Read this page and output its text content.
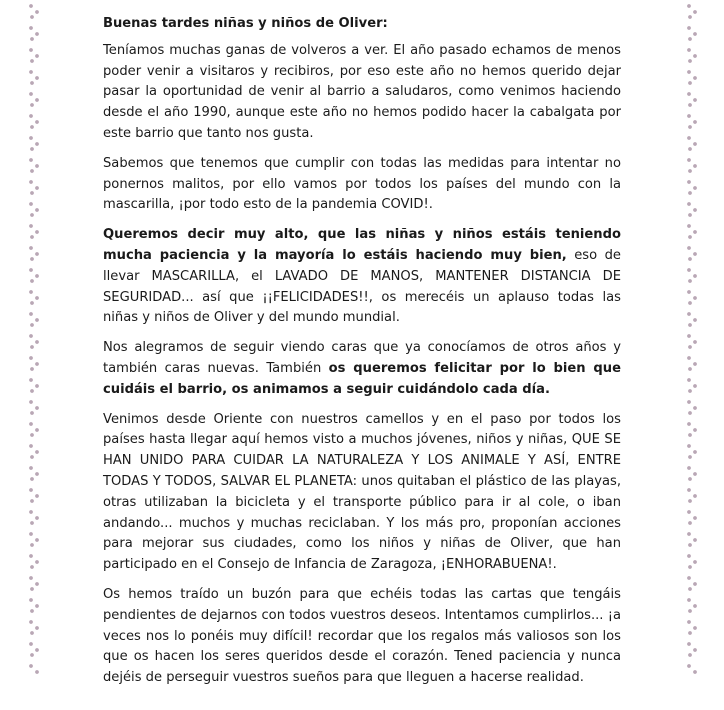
Buenas tardes niñas y niños de Oliver:

Teníamos muchas ganas de volveros a ver. El año pasado echamos de menos poder venir a visitaros y recibiros, por eso este año no hemos querido dejar pasar la oportunidad de venir al barrio a saludaros, como venimos haciendo desde el año 1990, aunque este año no hemos podido hacer la cabalgata por este barrio que tanto nos gusta.

Sabemos que tenemos que cumplir con todas las medidas para intentar no ponernos malitos, por ello vamos por todos los países del mundo con la mascarilla, ¡por todo esto de la pandemia COVID!.

Queremos decir muy alto, que las niñas y niños estáis teniendo mucha paciencia y la mayoría lo estáis haciendo muy bien, eso de llevar MASCARILLA, el LAVADO DE MANOS, MANTENER DISTANCIA DE SEGURIDAD... así que ¡¡FELICIDADES!!, os merecéis un aplauso todas las niñas y niños de Oliver y del mundo mundial.

Nos alegramos de seguir viendo caras que ya conocíamos de otros años y también caras nuevas. También os queremos felicitar por lo bien que cuidáis el barrio, os animamos a seguir cuidándolo cada día.

Venimos desde Oriente con nuestros camellos y en el paso por todos los países hasta llegar aquí hemos visto a muchos jóvenes, niños y niñas, QUE SE HAN UNIDO PARA CUIDAR LA NATURALEZA Y LOS ANIMALE Y ASÍ, ENTRE TODAS Y TODOS, SALVAR EL PLANETA: unos quitaban el plástico de las playas, otras utilizaban la bicicleta y el transporte público para ir al cole, o iban andando... muchos y muchas reciclaban. Y los más pro, proponían acciones para mejorar sus ciudades, como los niños y niñas de Oliver, que han participado en el Consejo de Infancia de Zaragoza, ¡ENHORABUENA!.

Os hemos traído un buzón para que echéis todas las cartas que tengáis pendientes de dejarnos con todos vuestros deseos. Intentamos cumplirlos... ¡a veces nos lo ponéis muy difícil! recordar que los regalos más valiosos son los que os hacen los seres queridos desde el corazón. Tened paciencia y nunca dejéis de perseguir vuestros sueños para que lleguen a hacerse realidad.
